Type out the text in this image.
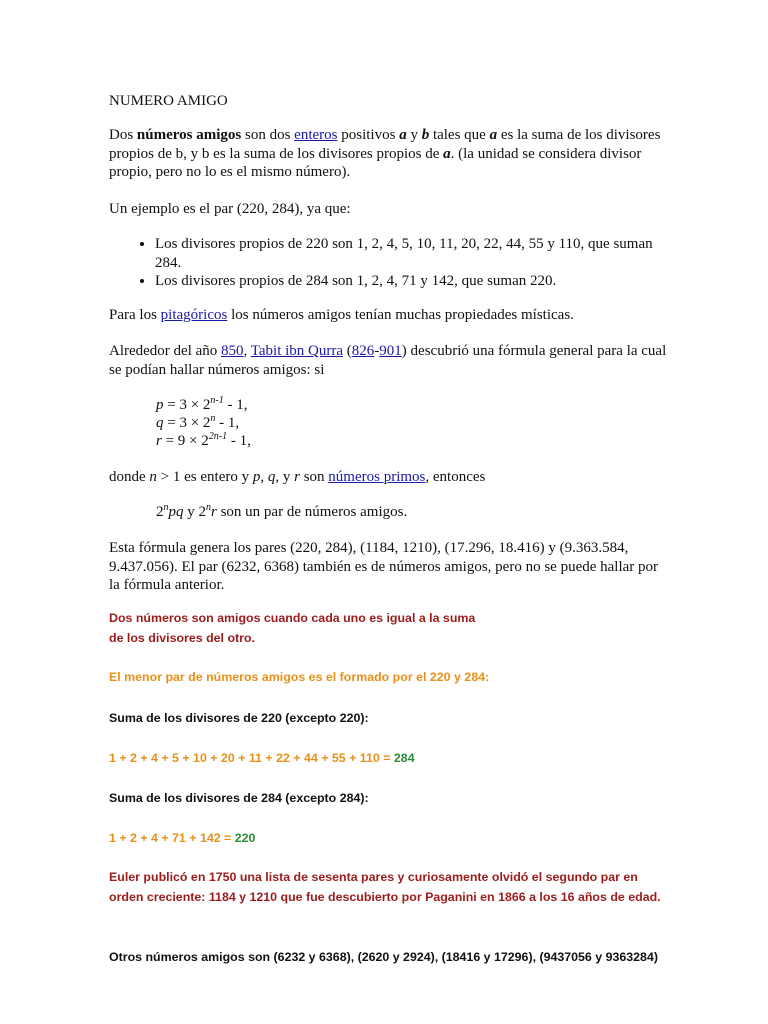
NUMERO AMIGO
Dos números amigos son dos enteros positivos a y b tales que a es la suma de los divisores propios de b, y b es la suma de los divisores propios de a. (la unidad se considera divisor propio, pero no lo es el mismo número).
Un ejemplo es el par (220, 284), ya que:
• Los divisores propios de 220 son 1, 2, 4, 5, 10, 11, 20, 22, 44, 55 y 110, que suman 284.
• Los divisores propios de 284 son 1, 2, 4, 71 y 142, que suman 220.
Para los pitagóricos los números amigos tenían muchas propiedades místicas.
Alrededor del año 850, Tabit ibn Qurra (826-901) descubrió una fórmula general para la cual se podían hallar números amigos: si
$p = 3 \times 2^{n-1} - 1$,
$q = 3 \times 2^n - 1$,
$r = 9 \times 2^{2n-1} - 1$,
donde n > 1 es entero y p, q, y r son números primos, entonces
2$^n$pq y 2$^n$r son un par de números amigos.
Esta fórmula genera los pares (220, 284), (1184, 1210), (17.296, 18.416) y (9.363.584, 9.437.056). El par (6232, 6368) también es de números amigos, pero no se puede hallar por la fórmula anterior.
Dos números son amigos cuando cada uno es igual a la suma
de los divisores del otro.
El menor par de números amigos es el formado por el 220 y 284:
Suma de los divisores de 220 (excepto 220):
1 + 2 + 4 + 5 + 10 + 20 + 11 + 22 + 44 + 55 + 110 = 284
Suma de los divisores de 284 (excepto 284):
1 + 2 + 4 + 71 + 142 = 220
Euler publicó en 1750 una lista de sesenta pares y curiosamente olvidó el segundo par en orden creciente: 1184 y 1210 que fue descubierto por Paganini en 1866 a los 16 años de edad.
Otros números amigos son (6232 y 6368), (2620 y 2924), (18416 y 17296), (9437056 y 9363284)
